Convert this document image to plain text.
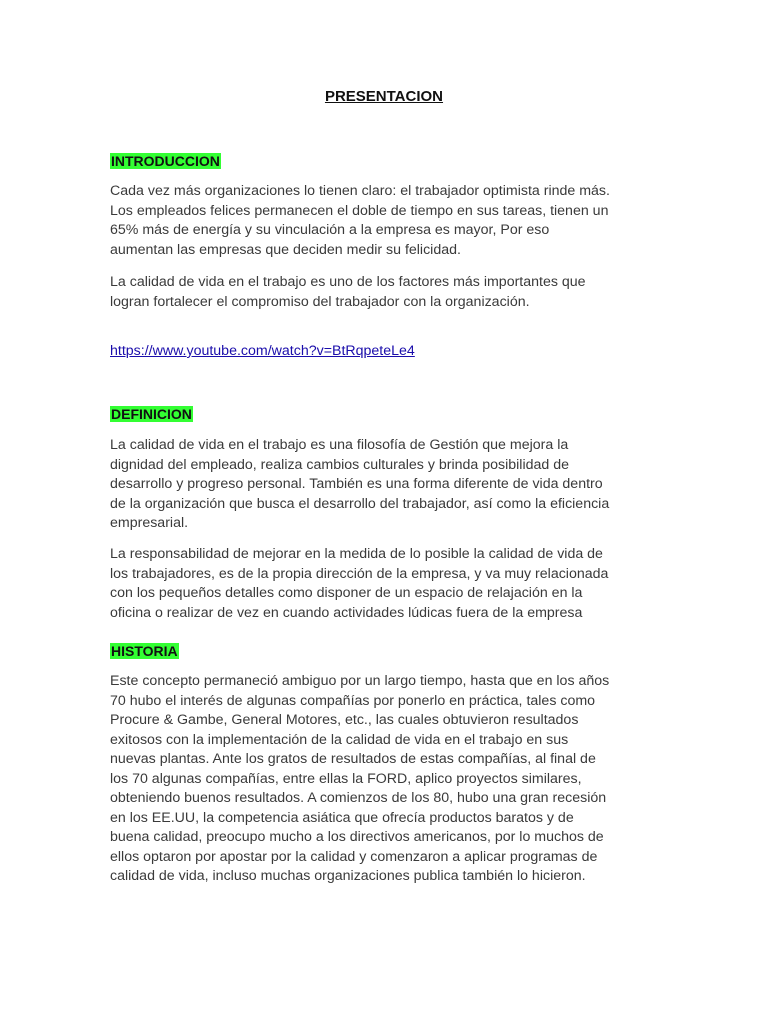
PRESENTACION
INTRODUCCION

Cada vez más organizaciones lo tienen claro: el trabajador optimista rinde más.
Los empleados felices permanecen el doble de tiempo en sus tareas, tienen un
65% más de energía y su vinculación a la empresa es mayor, Por eso
aumentan las empresas que deciden medir su felicidad.

La calidad de vida en el trabajo es uno de los factores más importantes que
logran fortalecer el compromiso del trabajador con la organización.

https://www.youtube.com/watch?v=BtRqpeteLe4
DEFINICION

La calidad de vida en el trabajo es una filosofía de Gestión que mejora la
dignidad del empleado, realiza cambios culturales y brinda posibilidad de
desarrollo y progreso personal. También es una forma diferente de vida dentro
de la organización que busca el desarrollo del trabajador, así como la eficiencia
empresarial.

La responsabilidad de mejorar en la medida de lo posible la calidad de vida de
los trabajadores, es de la propia dirección de la empresa, y va muy relacionada
con los pequeños detalles como disponer de un espacio de relajación en la
oficina o realizar de vez en cuando actividades lúdicas fuera de la empresa

HISTORIA

Este concepto permaneció ambiguo por un largo tiempo, hasta que en los años
70 hubo el interés de algunas compañías por ponerlo en práctica, tales como
Procure & Gambe, General Motores, etc., las cuales obtuvieron resultados
exitosos con la implementación de la calidad de vida en el trabajo en sus
nuevas plantas. Ante los gratos de resultados de estas compañías, al final de
los 70 algunas compañías, entre ellas la FORD, aplico proyectos similares,
obteniendo buenos resultados. A comienzos de los 80, hubo una gran recesión
en los EE.UU, la competencia asiática que ofrecía productos baratos y de
buena calidad, preocupo mucho a los directivos americanos, por lo muchos de
ellos optaron por apostar por la calidad y comenzaron a aplicar programas de
calidad de vida, incluso muchas organizaciones publica también lo hicieron.
